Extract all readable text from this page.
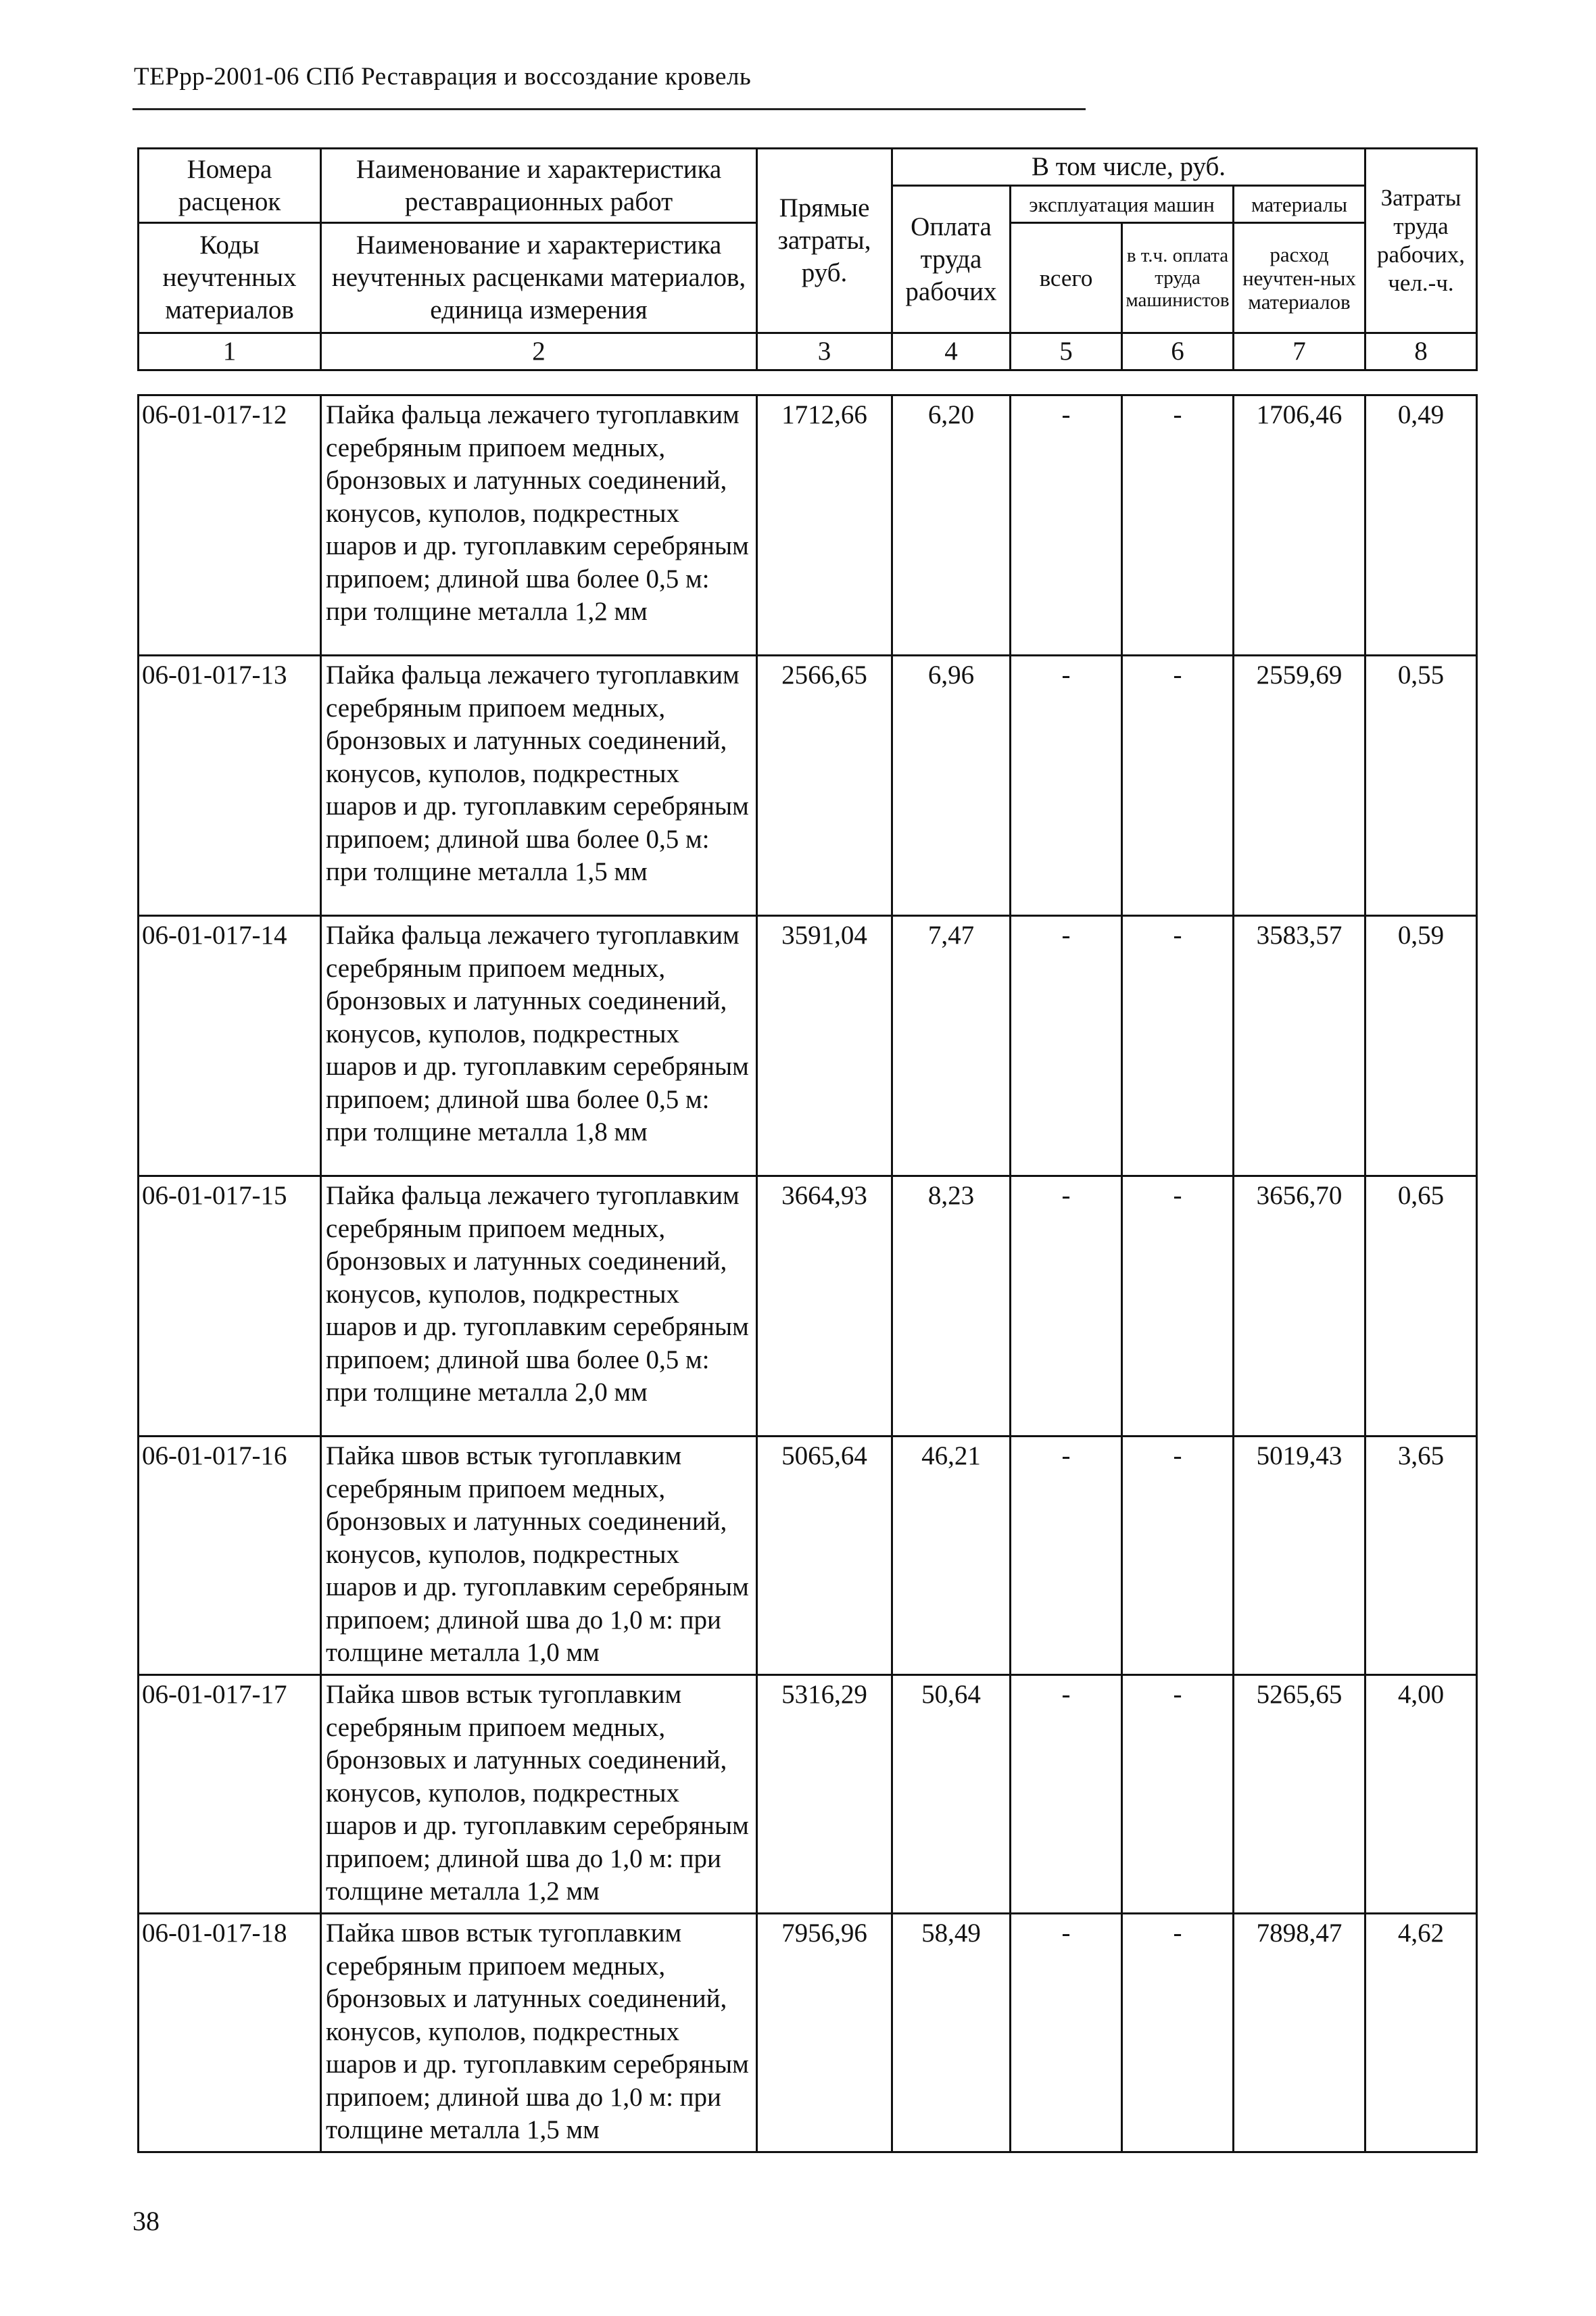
ТЕРрр-2001-06 СПб Реставрация и воссоздание кровель
Номера расценок	Наименование и характеристика реставрационных работ	Прямые затраты, руб.	В том числе, руб.				Затраты труда рабочих, чел.-ч.
			Оплата труда рабочих	эксплуатация машин		материалы	
Коды неучтенных материалов	Наименование и характеристика неучтенных расценками материалов, единица измерения			всего	в т.ч. оплата труда машинистов	расход неучтен-ных материалов	
1	2	3	4	5	6	7	8
06-01-017-12	Пайка фальца лежачего тугоплавким серебряным припоем медных, бронзовых и латунных соединений, конусов, куполов, подкрестных шаров и др. тугоплавким серебряным припоем; длиной шва более 0,5 м: при толщине металла 1,2 мм	1712,66	6,20	-	-	1706,46	0,49
06-01-017-13	Пайка фальца лежачего тугоплавким серебряным припоем медных, бронзовых и латунных соединений, конусов, куполов, подкрестных шаров и др. тугоплавким серебряным припоем; длиной шва более 0,5 м: при толщине металла 1,5 мм	2566,65	6,96	-	-	2559,69	0,55
06-01-017-14	Пайка фальца лежачего тугоплавким серебряным припоем медных, бронзовых и латунных соединений, конусов, куполов, подкрестных шаров и др. тугоплавким серебряным припоем; длиной шва более 0,5 м: при толщине металла 1,8 мм	3591,04	7,47	-	-	3583,57	0,59
06-01-017-15	Пайка фальца лежачего тугоплавким серебряным припоем медных, бронзовых и латунных соединений, конусов, куполов, подкрестных шаров и др. тугоплавким серебряным припоем; длиной шва более 0,5 м: при толщине металла 2,0 мм	3664,93	8,23	-	-	3656,70	0,65
06-01-017-16	Пайка швов встык тугоплавким серебряным припоем медных, бронзовых и латунных соединений, конусов, куполов, подкрестных шаров и др. тугоплавким серебряным припоем; длиной шва до 1,0 м: при толщине металла 1,0 мм	5065,64	46,21	-	-	5019,43	3,65
06-01-017-17	Пайка швов встык тугоплавким серебряным припоем медных, бронзовых и латунных соединений, конусов, куполов, подкрестных шаров и др. тугоплавким серебряным припоем; длиной шва до 1,0 м: при толщине металла 1,2 мм	5316,29	50,64	-	-	5265,65	4,00
06-01-017-18	Пайка швов встык тугоплавким серебряным припоем медных, бронзовых и латунных соединений, конусов, куполов, подкрестных шаров и др. тугоплавким серебряным припоем; длиной шва до 1,0 м: при толщине металла 1,5 мм	7956,96	58,49	-	-	7898,47	4,62
38
